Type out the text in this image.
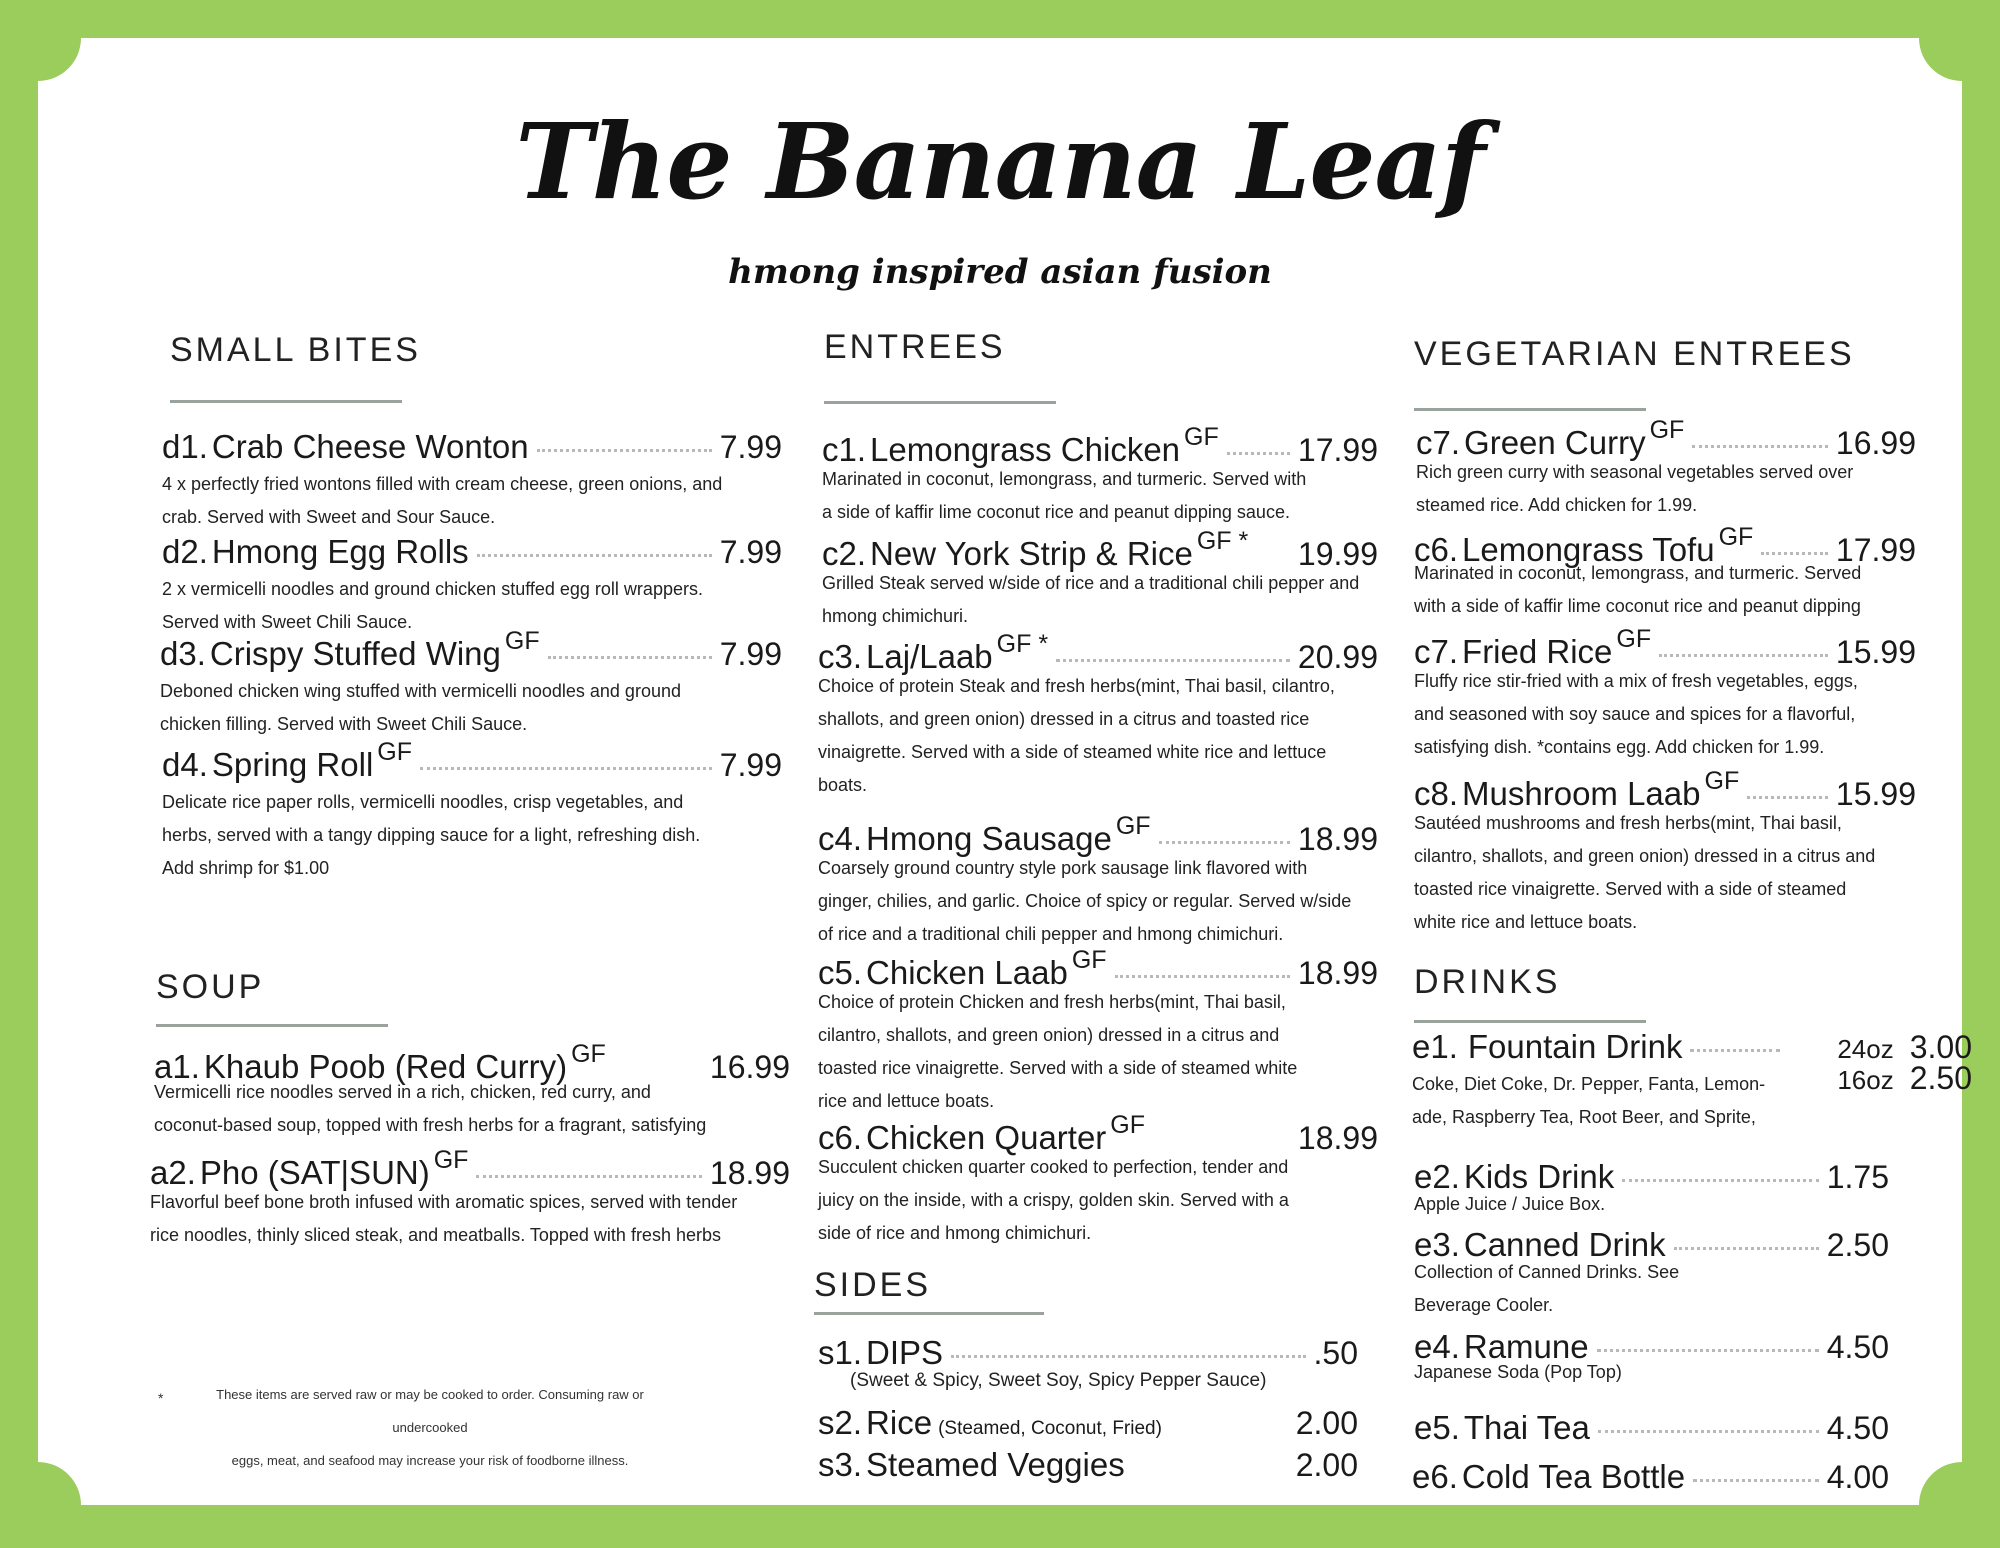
The Banana Leaf
hmong inspired asian fusion
SMALL BITES
d1. Crab Cheese Wonton	7.99
4 x perfectly fried wontons filled with cream cheese, green onions, and
crab. Served with Sweet and Sour Sauce.
d2. Hmong Egg Rolls	7.99
2 x vermicelli noodles and ground chicken stuffed egg roll wrappers.
Served with Sweet Chili Sauce.
d3. Crispy Stuffed Wing GF	7.99
Deboned chicken wing stuffed with vermicelli noodles and ground
chicken filling. Served with Sweet Chili Sauce.
d4. Spring Roll GF	7.99
Delicate rice paper rolls, vermicelli noodles, crisp vegetables, and
herbs, served with a tangy dipping sauce for a light, refreshing dish.
Add shrimp for $1.00
SOUP
a1. Khaub Poob (Red Curry) GF	16.99
Vermicelli rice noodles served in a rich, chicken, red curry, and
coconut-based soup, topped with fresh herbs for a fragrant, satisfying
a2. Pho (SAT|SUN) GF	18.99
Flavorful beef bone broth infused with aromatic spices, served with tender
rice noodles, thinly sliced steak, and meatballs. Topped with fresh herbs
*	These items are served raw or may be cooked to order. Consuming raw or undercooked
eggs, meat, and seafood may increase your risk of foodborne illness.
ENTREES
c1. Lemongrass Chicken GF 17.99
Marinated in coconut, lemongrass, and turmeric. Served with
a side of kaffir lime coconut rice and peanut dipping sauce.
c2. New York Strip & Rice GF * 19.99
Grilled Steak served w/side of rice and a traditional chili pepper and
hmong chimichuri.
c3. Laj/Laab GF *	20.99
Choice of protein Steak and fresh herbs(mint, Thai basil, cilantro,
shallots, and green onion) dressed in a citrus and toasted rice
vinaigrette. Served with a side of steamed white rice and lettuce
boats.
c4. Hmong Sausage GF	18.99
Coarsely ground country style pork sausage link flavored with
ginger, chilies, and garlic. Choice of spicy or regular. Served w/side
of rice and a traditional chili pepper and hmong chimichuri.
c5. Chicken Laab GF	18.99
Choice of protein Chicken and fresh herbs(mint, Thai basil,
cilantro, shallots, and green onion) dressed in a citrus and
toasted rice vinaigrette. Served with a side of steamed white
rice and lettuce boats.
c6. Chicken Quarter GF	18.99
Succulent chicken quarter cooked to perfection, tender and
juicy on the inside, with a crispy, golden skin. Served with a
side of rice and hmong chimichuri.
SIDES
s1. DIPS	.50
(Sweet & Spicy, Sweet Soy, Spicy Pepper Sauce)
s2. Rice (Steamed, Coconut, Fried)	2.00
s3. Steamed Veggies	2.00
VEGETARIAN ENTREES
c7. Green Curry GF	16.99
Rich green curry with seasonal vegetables served over
steamed rice. Add chicken for 1.99.
c6. Lemongrass Tofu GF	17.99
Marinated in coconut, lemongrass, and turmeric. Served
with a side of kaffir lime coconut rice and peanut dipping
c7. Fried Rice GF	15.99
Fluffy rice stir-fried with a mix of fresh vegetables, eggs,
and seasoned with soy sauce and spices for a flavorful,
satisfying dish. *contains egg. Add chicken for 1.99.
c8. Mushroom Laab GF	15.99
Sautéed mushrooms and fresh herbs(mint, Thai basil,
cilantro, shallots, and green onion) dressed in a citrus and
toasted rice vinaigrette. Served with a side of steamed
white rice and lettuce boats.
DRINKS
e1. Fountain Drink	24oz 3.00
Coke, Diet Coke, Dr. Pepper, Fanta, Lemon-
ade, Raspberry Tea, Root Beer, and Sprite,
16oz 2.50
e2. Kids Drink	1.75
Apple Juice / Juice Box.
e3. Canned Drink	2.50
Collection of Canned Drinks. See
Beverage Cooler.
e4. Ramune	4.50
Japanese Soda (Pop Top)
e5. Thai Tea	4.50
e6. Cold Tea Bottle	4.00
